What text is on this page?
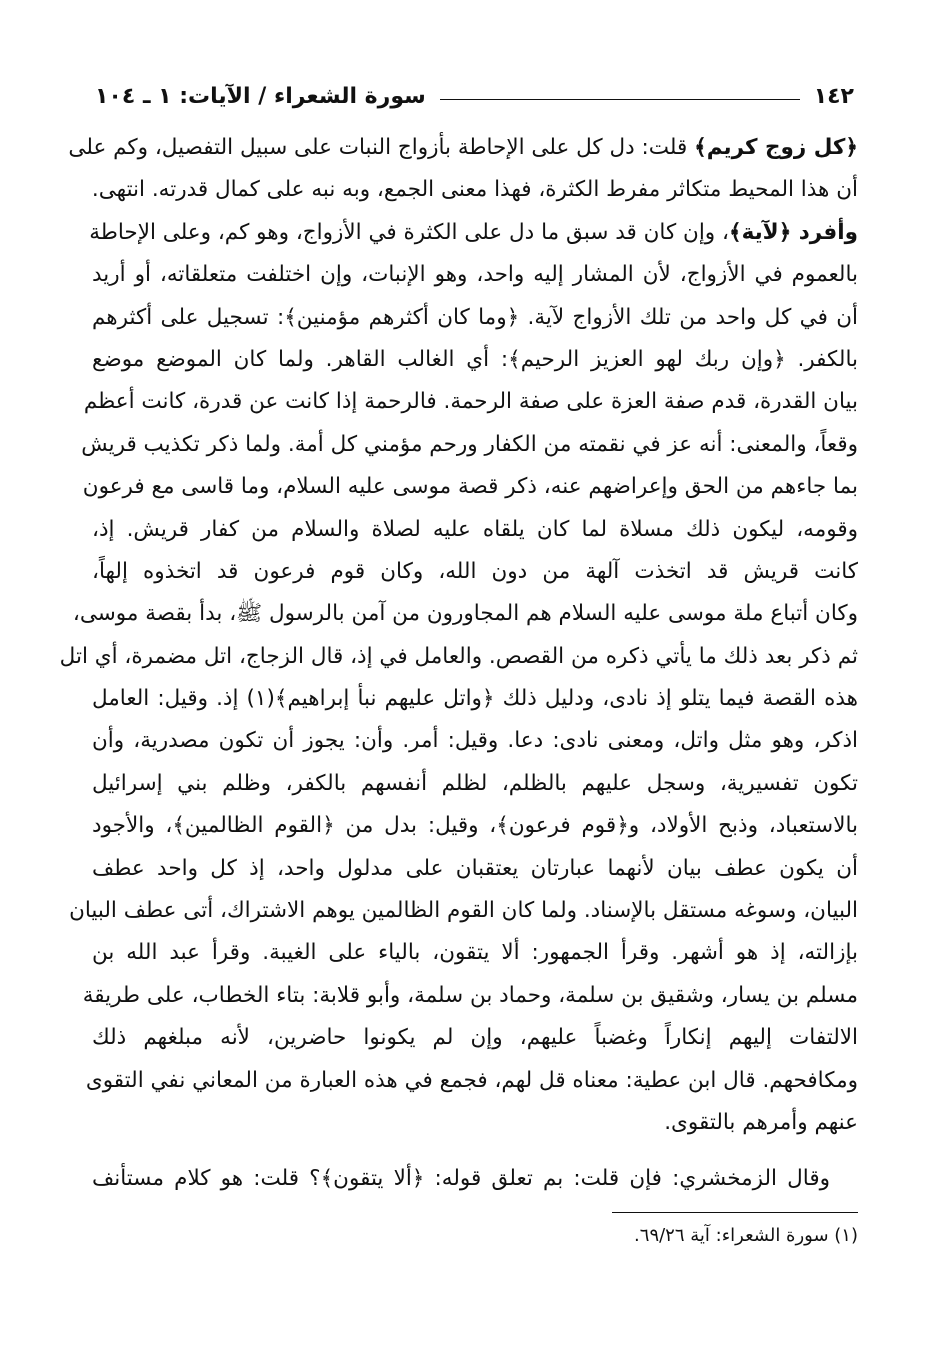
١٤٢
سورة الشعراء / الآيات: ١ ـ ١٠٤
﴿كل زوج كريم﴾ قلت: دل كل على الإحاطة بأزواج النبات على سبيل التفصيل، وكم على
أن هذا المحيط متكاثر مفرط الكثرة، فهذا معنى الجمع، وبه نبه على كمال قدرته. انتهى.
وأفرد ﴿لآية﴾، وإن كان قد سبق ما دل على الكثرة في الأزواج، وهو كم، وعلى الإحاطة
بالعموم في الأزواج، لأن المشار إليه واحد، وهو الإنبات، وإن اختلفت متعلقاته، أو أريد
أن في كل واحد من تلك الأزواج لآية. ﴿وما كان أكثرهم مؤمنين﴾: تسجيل على أكثرهم
بالكفر. ﴿وإن ربك لهو العزيز الرحيم﴾: أي الغالب القاهر. ولما كان الموضع موضع
بيان القدرة، قدم صفة العزة على صفة الرحمة. فالرحمة إذا كانت عن قدرة، كانت أعظم
وقعاً، والمعنى: أنه عز في نقمته من الكفار ورحم مؤمني كل أمة. ولما ذكر تكذيب قريش
بما جاءهم من الحق وإعراضهم عنه، ذكر قصة موسى عليه السلام، وما قاسى مع فرعون
وقومه، ليكون ذلك مسلاة لما كان يلقاه عليه لصلاة والسلام من كفار قريش. إذ،
كانت قريش قد اتخذت آلهة من دون الله، وكان قوم فرعون قد اتخذوه إلهاً،
وكان أتباع ملة موسى عليه السلام هم المجاورون من آمن بالرسول ﷺ، بدأ بقصة موسى،
ثم ذكر بعد ذلك ما يأتي ذكره من القصص. والعامل في إذ، قال الزجاج، اتل مضمرة، أي اتل
هذه القصة فيما يتلو إذ نادى، ودليل ذلك ﴿واتل عليهم نبأ إبراهيم﴾(١) إذ. وقيل: العامل
اذكر، وهو مثل واتل، ومعنى نادى: دعا. وقيل: أمر. وأن: يجوز أن تكون مصدرية، وأن
تكون تفسيرية، وسجل عليهم بالظلم، لظلم أنفسهم بالكفر، وظلم بني إسرائيل
بالاستعباد، وذبح الأولاد، و﴿قوم فرعون﴾، وقيل: بدل من ﴿القوم الظالمين﴾، والأجود
أن يكون عطف بيان لأنهما عبارتان يعتقبان على مدلول واحد، إذ كل واحد عطف
البيان، وسوغه مستقل بالإسناد. ولما كان القوم الظالمين يوهم الاشتراك، أتى عطف البيان
بإزالته، إذ هو أشهر. وقرأ الجمهور: ألا يتقون، بالياء على الغيبة. وقرأ عبد الله بن
مسلم بن يسار، وشقيق بن سلمة، وحماد بن سلمة، وأبو قلابة: بتاء الخطاب، على طريقة
الالتفات إليهم إنكاراً وغضباً عليهم، وإن لم يكونوا حاضرين، لأنه مبلغهم ذلك
ومكافحهم. قال ابن عطية: معناه قل لهم، فجمع في هذه العبارة من المعاني نفي التقوى
عنهم وأمرهم بالتقوى.
وقال الزمخشري: فإن قلت: بم تعلق قوله: ﴿ألا يتقون﴾؟ قلت: هو كلام مستأنف
(١) سورة الشعراء: آية ٦٩/٢٦.
